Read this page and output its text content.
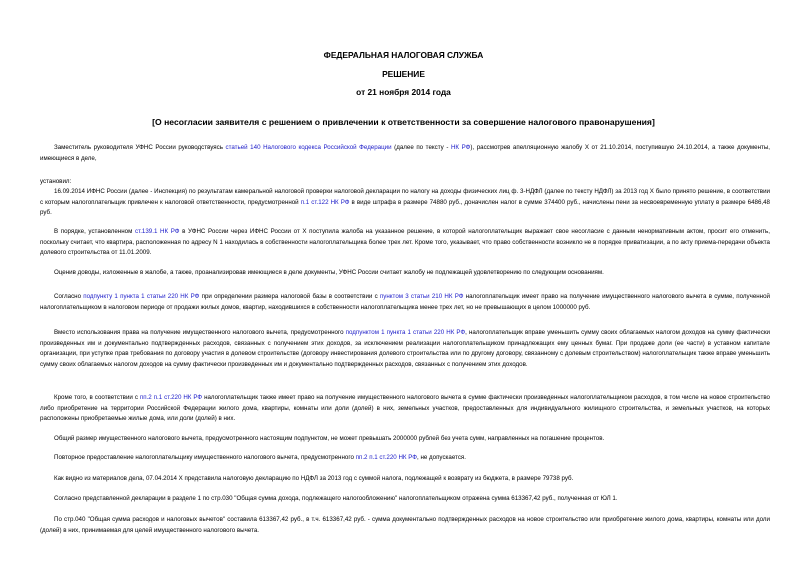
ФЕДЕРАЛЬНАЯ НАЛОГОВАЯ СЛУЖБА
РЕШЕНИЕ
от 21 ноября 2014 года
[О несогласии заявителя с решением о привлечении к ответственности за совершение налогового правонарушения]
Заместитель руководителя УФНС России руководствуясь статьей 140 Налогового кодекса Российской Федерации (далее по тексту - НК РФ), рассмотрев апелляционную жалобу Х от 21.10.2014, поступившую 24.10.2014, а также документы, имеющиеся в деле,
установил:
16.09.2014 ИФНС России (далее - Инспекция) по результатам камеральной налоговой проверки налоговой декларации по налогу на доходы физических лиц ф. 3-НДФЛ (далее по тексту НДФЛ) за 2013 год Х было принято решение, в соответствии с которым налогоплательщик привлечен к налоговой ответственности, предусмотренной п.1 ст.122 НК РФ в виде штрафа в размере 74880 руб., доначислен налог в сумме 374400 руб., начислены пени за несвоевременную уплату в размере 6486,48 руб.
В порядке, установленном ст.139.1 НК РФ в УФНС России через ИФНС России от Х поступила жалоба на указанное решение, в которой налогоплательщик выражает свое несогласие с данным ненормативным актом, просит его отменить, поскольку считает, что квартира, расположенная по адресу N 1 находилась в собственности налогоплательщика более трех лет. Кроме того, указывает, что право собственности возникло не в порядке приватизации, а по акту приема-передачи объекта долевого строительства от 11.01.2009.
Оценив доводы, изложенные в жалобе, а также, проанализировав имеющиеся в деле документы, УФНС России считает жалобу не подлежащей удовлетворению по следующим основаниям.
Согласно подпункту 1 пункта 1 статьи 220 НК РФ при определении размера налоговой базы в соответствии с пунктом 3 статьи 210 НК РФ налогоплательщик имеет право на получение имущественного налогового вычета в сумме, полученной налогоплательщиком в налоговом периоде от продажи жилых домов, квартир, находившихся в собственности налогоплательщика менее трех лет, но не превышающих в целом 1000000 руб.
Вместо использования права на получение имущественного налогового вычета, предусмотренного подпунктом 1 пункта 1 статьи 220 НК РФ, налогоплательщик вправе уменьшить сумму своих облагаемых налогом доходов на сумму фактически произведенных им и документально подтвержденных расходов, связанных с получением этих доходов, за исключением реализации налогоплательщиком принадлежащих ему ценных бумаг. При продаже доли (ее части) в уставном капитале организации, при уступке прав требования по договору участия в долевом строительстве (договору инвестирования долевого строительства или по другому договору, связанному с долевым строительством) налогоплательщик также вправе уменьшить сумму своих облагаемых налогом доходов на сумму фактически произведенных им и документально подтвержденных расходов, связанных с получением этих доходов.
Кроме того, в соответствии с пп.2 п.1 ст.220 НК РФ налогоплательщик также имеет право на получение имущественного налогового вычета в сумме фактически произведенных налогоплательщиком расходов, в том числе на новое строительство либо приобретение на территории Российской Федерации жилого дома, квартиры, комнаты или доли (долей) в них, земельных участков, предоставленных для индивидуального жилищного строительства, и земельных участков, на которых расположены приобретаемые жилые дома, или доли (долей) в них.
Общий размер имущественного налогового вычета, предусмотренного настоящим подпунктом, не может превышать 2000000 рублей без учета сумм, направленных на погашение процентов.
Повторное предоставление налогоплательщику имущественного налогового вычета, предусмотренного пп.2 п.1 ст.220 НК РФ, не допускается.
Как видно из материалов дела, 07.04.2014 Х представила налоговую декларацию по НДФЛ за 2013 год с суммой налога, подлежащей к возврату из бюджета, в размере 79738 руб.
Согласно представленной декларации в разделе 1 по стр.030 "Общая сумма дохода, подлежащего налогообложению" налогоплательщиком отражена сумма 613367,42 руб., полученная от ЮЛ 1.
По стр.040 "Общая сумма расходов и налоговых вычетов" составила 613367,42 руб., в т.ч. 613367,42 руб. - сумма документально подтвержденных расходов на новое строительство или приобретение жилого дома, квартиры, комнаты или доли (долей) в них, принимаемая для целей имущественного налогового вычета.
